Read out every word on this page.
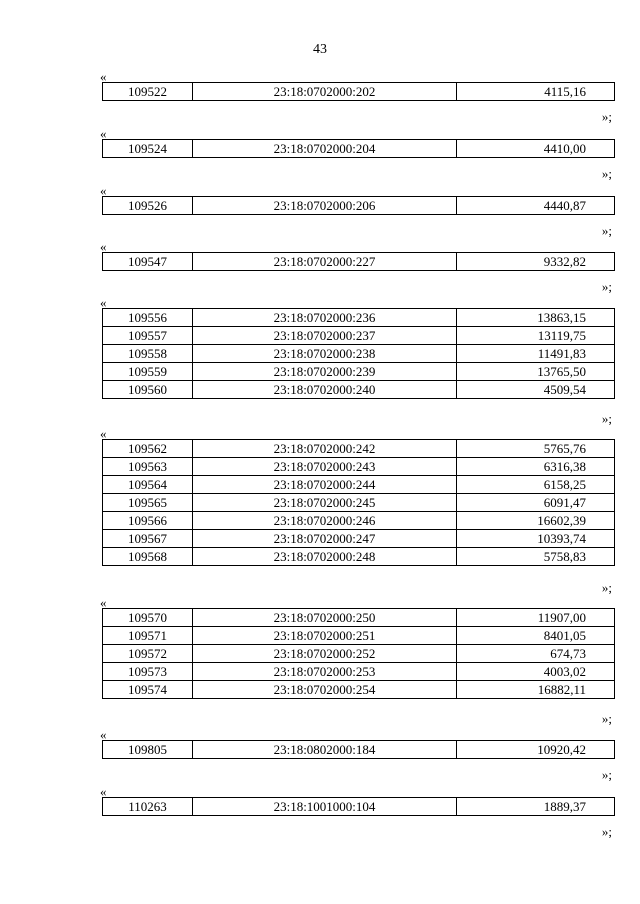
43
«
109522	23:18:0702000:202	4115,16
»;
«
109524	23:18:0702000:204	4410,00
»;
«
109526	23:18:0702000:206	4440,87
»;
«
109547	23:18:0702000:227	9332,82
»;
«
109556	23:18:0702000:236	13863,15
109557	23:18:0702000:237	13119,75
109558	23:18:0702000:238	11491,83
109559	23:18:0702000:239	13765,50
109560	23:18:0702000:240	4509,54
»;
«
109562	23:18:0702000:242	5765,76
109563	23:18:0702000:243	6316,38
109564	23:18:0702000:244	6158,25
109565	23:18:0702000:245	6091,47
109566	23:18:0702000:246	16602,39
109567	23:18:0702000:247	10393,74
109568	23:18:0702000:248	5758,83
»;
«
109570	23:18:0702000:250	11907,00
109571	23:18:0702000:251	8401,05
109572	23:18:0702000:252	674,73
109573	23:18:0702000:253	4003,02
109574	23:18:0702000:254	16882,11
»;
«
109805	23:18:0802000:184	10920,42
»;
«
110263	23:18:1001000:104	1889,37
»;
